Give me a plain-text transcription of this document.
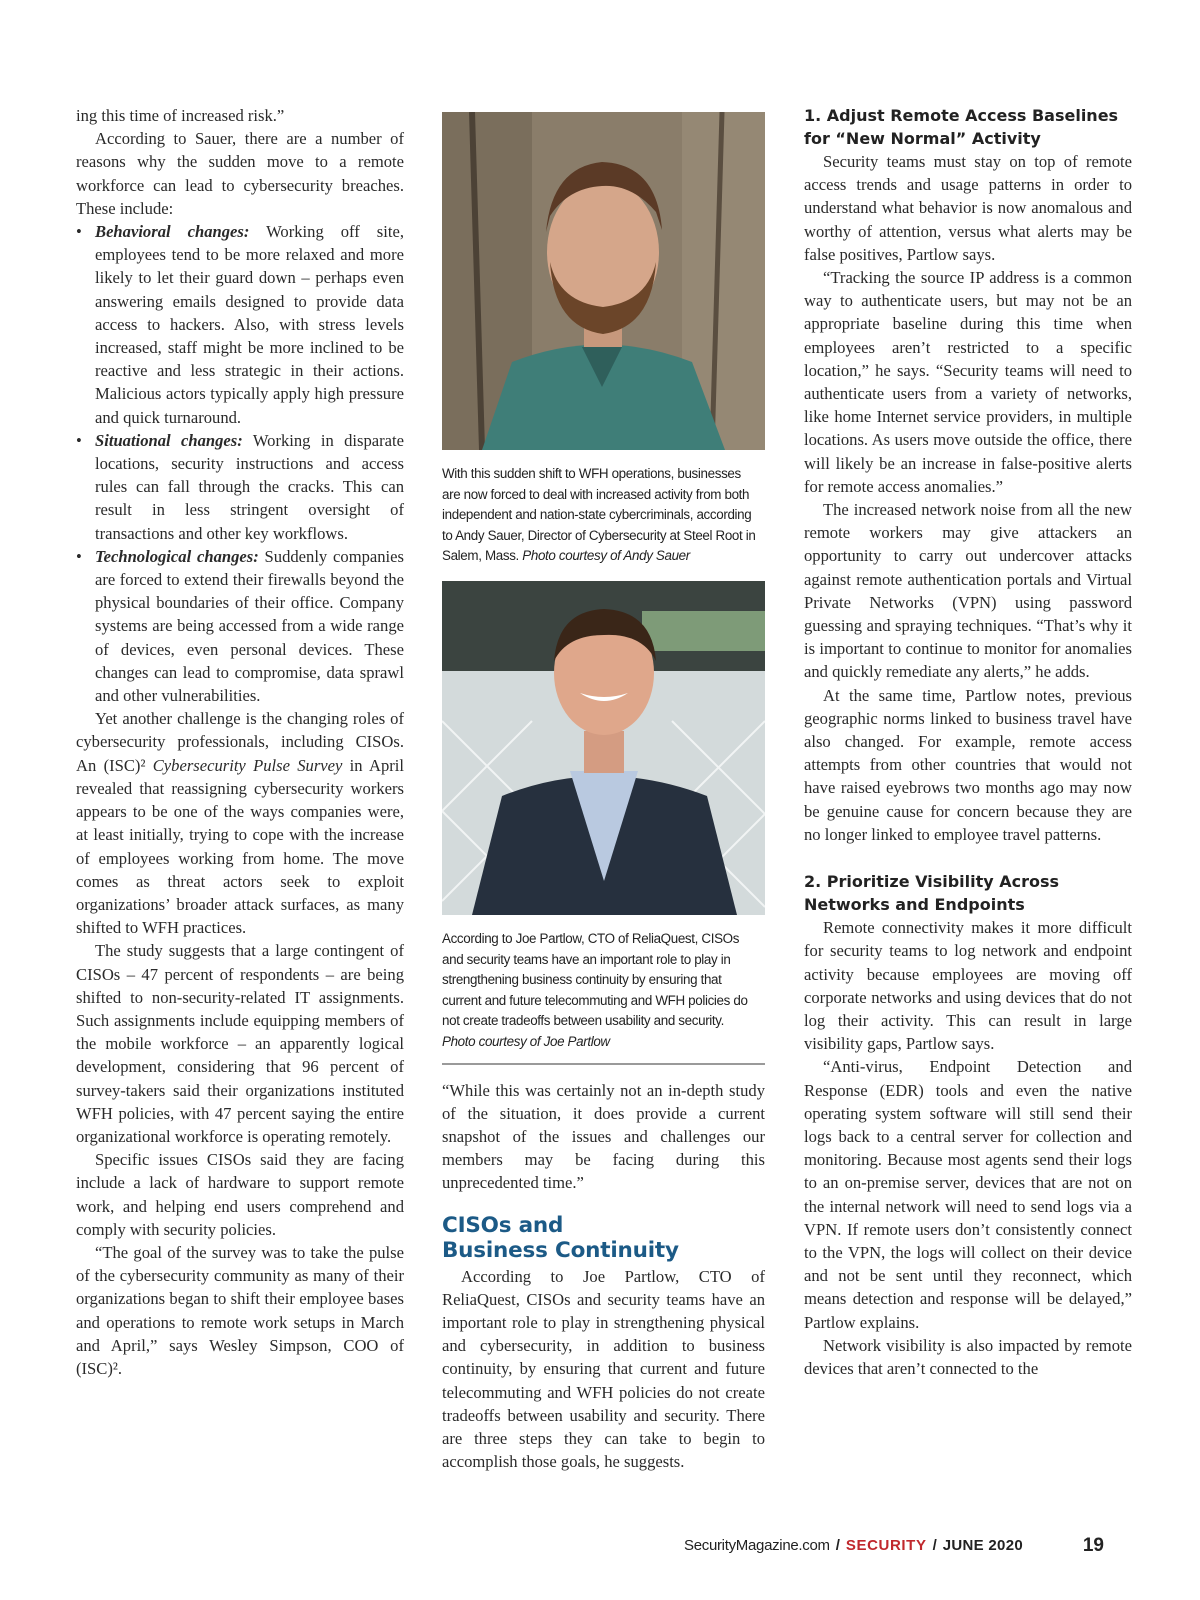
ing this time of increased risk.”

According to Sauer, there are a number of reasons why the sudden move to a remote workforce can lead to cybersecurity breaches. These include:

• Behavioral changes: Working off site, employees tend to be more relaxed and more likely to let their guard down – perhaps even answering emails designed to provide data access to hackers. Also, with stress levels increased, staff might be more inclined to be reactive and less strategic in their actions. Malicious actors typically apply high pressure and quick turnaround.
• Situational changes: Working in disparate locations, security instructions and access rules can fall through the cracks. This can result in less stringent oversight of transactions and other key workflows.
• Technological changes: Suddenly companies are forced to extend their firewalls beyond the physical boundaries of their office. Company systems are being accessed from a wide range of devices, even personal devices. These changes can lead to compromise, data sprawl and other vulnerabilities.

Yet another challenge is the changing roles of cybersecurity professionals, including CISOs. An (ISC)² Cybersecurity Pulse Survey in April revealed that reassigning cybersecurity workers appears to be one of the ways companies were, at least initially, trying to cope with the increase of employees working from home. The move comes as threat actors seek to exploit organizations’ broader attack surfaces, as many shifted to WFH practices.

The study suggests that a large contingent of CISOs – 47 percent of respondents – are being shifted to non-security-related IT assignments. Such assignments include equipping members of the mobile workforce – an apparently logical development, considering that 96 percent of survey-takers said their organizations instituted WFH policies, with 47 percent saying the entire organizational workforce is operating remotely.

Specific issues CISOs said they are facing include a lack of hardware to support remote work, and helping end users comprehend and comply with security policies.

“The goal of the survey was to take the pulse of the cybersecurity community as many of their organizations began to shift their employee bases and operations to remote work setups in March and April,” says Wesley Simpson, COO of (ISC)².

With this sudden shift to WFH operations, businesses are now forced to deal with increased activity from both independent and nation-state cybercriminals, according to Andy Sauer, Director of Cybersecurity at Steel Root in Salem, Mass. Photo courtesy of Andy Sauer
According to Joe Partlow, CTO of ReliaQuest, CISOs and security teams have an important role to play in strengthening business continuity by ensuring that current and future telecommuting and WFH policies do not create tradeoffs between usability and security. Photo courtesy of Joe Partlow

“While this was certainly not an in-depth study of the situation, it does provide a current snapshot of the issues and challenges our members may be facing during this unprecedented time.”

CISOs and
Business Continuity

According to Joe Partlow, CTO of ReliaQuest, CISOs and security teams have an important role to play in strengthening physical and cybersecurity, in addition to business continuity, by ensuring that current and future telecommuting and WFH policies do not create tradeoffs between usability and security. There are three steps they can take to begin to accomplish those goals, he suggests.

1. Adjust Remote Access Baselines
for “New Normal” Activity

Security teams must stay on top of remote access trends and usage patterns in order to understand what behavior is now anomalous and worthy of attention, versus what alerts may be false positives, Partlow says.

“Tracking the source IP address is a common way to authenticate users, but may not be an appropriate baseline during this time when employees aren’t restricted to a specific location,” he says. “Security teams will need to authenticate users from a variety of networks, like home Internet service providers, in multiple locations. As users move outside the office, there will likely be an increase in false-positive alerts for remote access anomalies.”

The increased network noise from all the new remote workers may give attackers an opportunity to carry out undercover attacks against remote authentication portals and Virtual Private Networks (VPN) using password guessing and spraying techniques. “That’s why it is important to continue to monitor for anomalies and quickly remediate any alerts,” he adds.

At the same time, Partlow notes, previous geographic norms linked to business travel have also changed. For example, remote access attempts from other countries that would not have raised eyebrows two months ago may now be genuine cause for concern because they are no longer linked to employee travel patterns.

2. Prioritize Visibility Across
Networks and Endpoints

Remote connectivity makes it more difficult for security teams to log network and endpoint activity because employees are moving off corporate networks and using devices that do not log their activity. This can result in large visibility gaps, Partlow says.

“Anti-virus, Endpoint Detection and Response (EDR) tools and even the native operating system software will still send their logs back to a central server for collection and monitoring. Because most agents send their logs to an on-premise server, devices that are not on the internal network will need to send logs via a VPN. If remote users don’t consistently connect to the VPN, the logs will collect on their device and not be sent until they reconnect, which means detection and response will be delayed,” Partlow explains.

Network visibility is also impacted by remote devices that aren’t connected to the

SecurityMagazine.com / SECURITY / JUNE 2020	19
